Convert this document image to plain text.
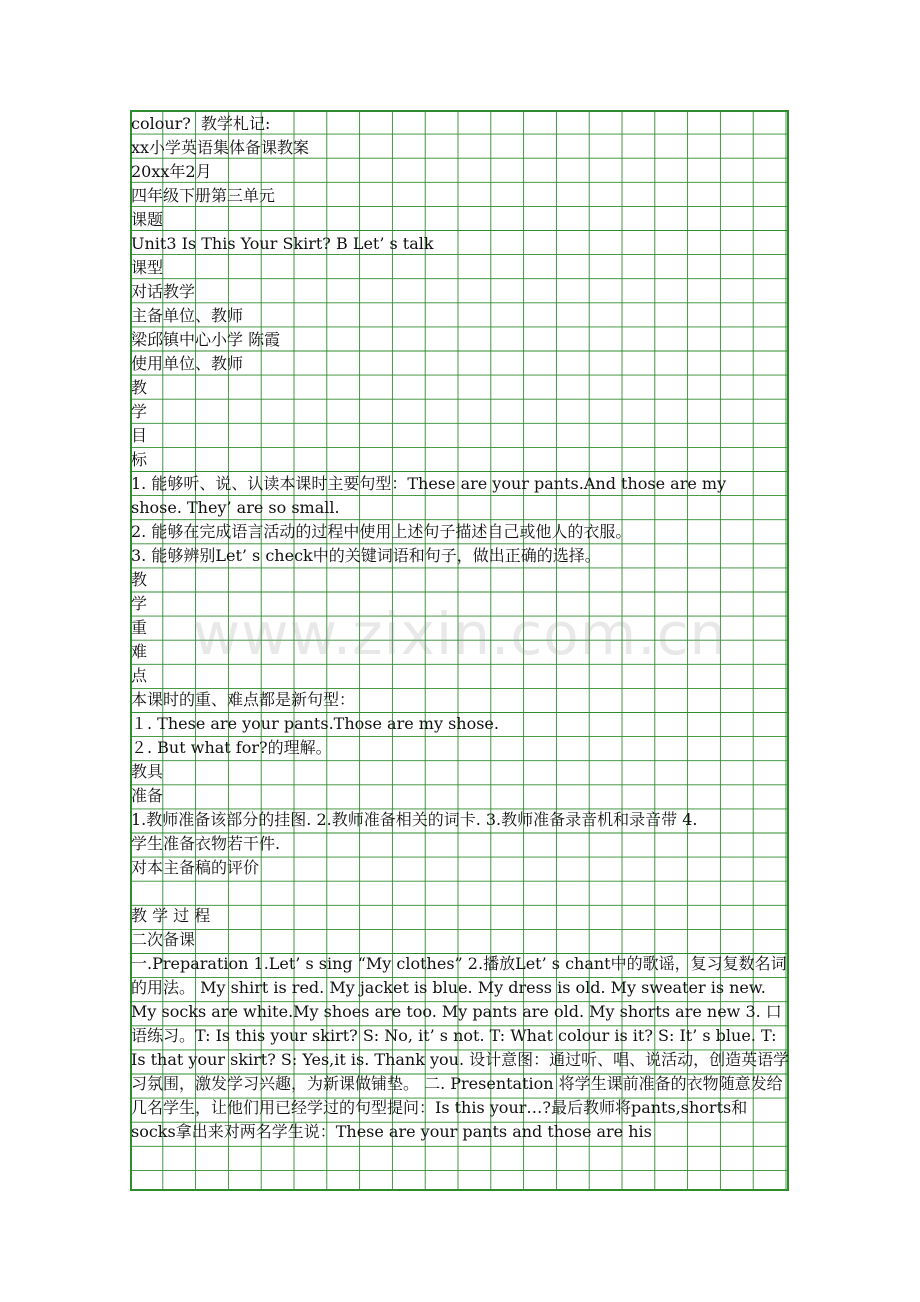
colour?  教学札记:
xx小学英语集体备课教案
20xx年2月
四年级下册第三单元
课题
Unit3 Is This Your Skirt? B Let’ s talk
课型
对话教学
主备单位、教师
梁邱镇中心小学 陈霞
使用单位、教师
教
学
目
标
1. 能够听、说、认读本课时主要句型：These are your pants.And those are my
shose. They’ are so small.
2. 能够在完成语言活动的过程中使用上述句子描述自己或他人的衣服。
3. 能够辨别Let’ s check中的关键词语和句子，做出正确的选择。
教
学
重
难
点
本课时的重、难点都是新句型：
１. These are your pants.Those are my shose.
２. But what for?的理解。
教具
准备
1.教师准备该部分的挂图. 2.教师准备相关的词卡. 3.教师准备录音机和录音带 4.
学生准备衣物若干件.
对本主备稿的评价
教 学 过 程
二次备课
一.Preparation 1.Let’ s sing “My clothes” 2.播放Let’ s chant中的歌谣，复习复数名词的用法。 My shirt is red. My jacket is blue. My dress is old. My sweater is new. My socks are white.My shoes are too. My pants are old. My shorts are new 3. 口语练习。T: Is this your skirt? S: No, it’ s not. T: What colour is it? S: It’ s blue. T: Is that your skirt? S: Yes,it is. Thank you. 设计意图：通过听、唱、说活动，创造英语学习氛围，激发学习兴趣，为新课做铺垫。 二. Presentation 将学生课前准备的衣物随意发给几名学生，让他们用已经学过的句型提问：Is this your…?最后教师将pants,shorts和socks拿出来对两名学生说：These are your pants and those are his
www.zixin.com.cn
